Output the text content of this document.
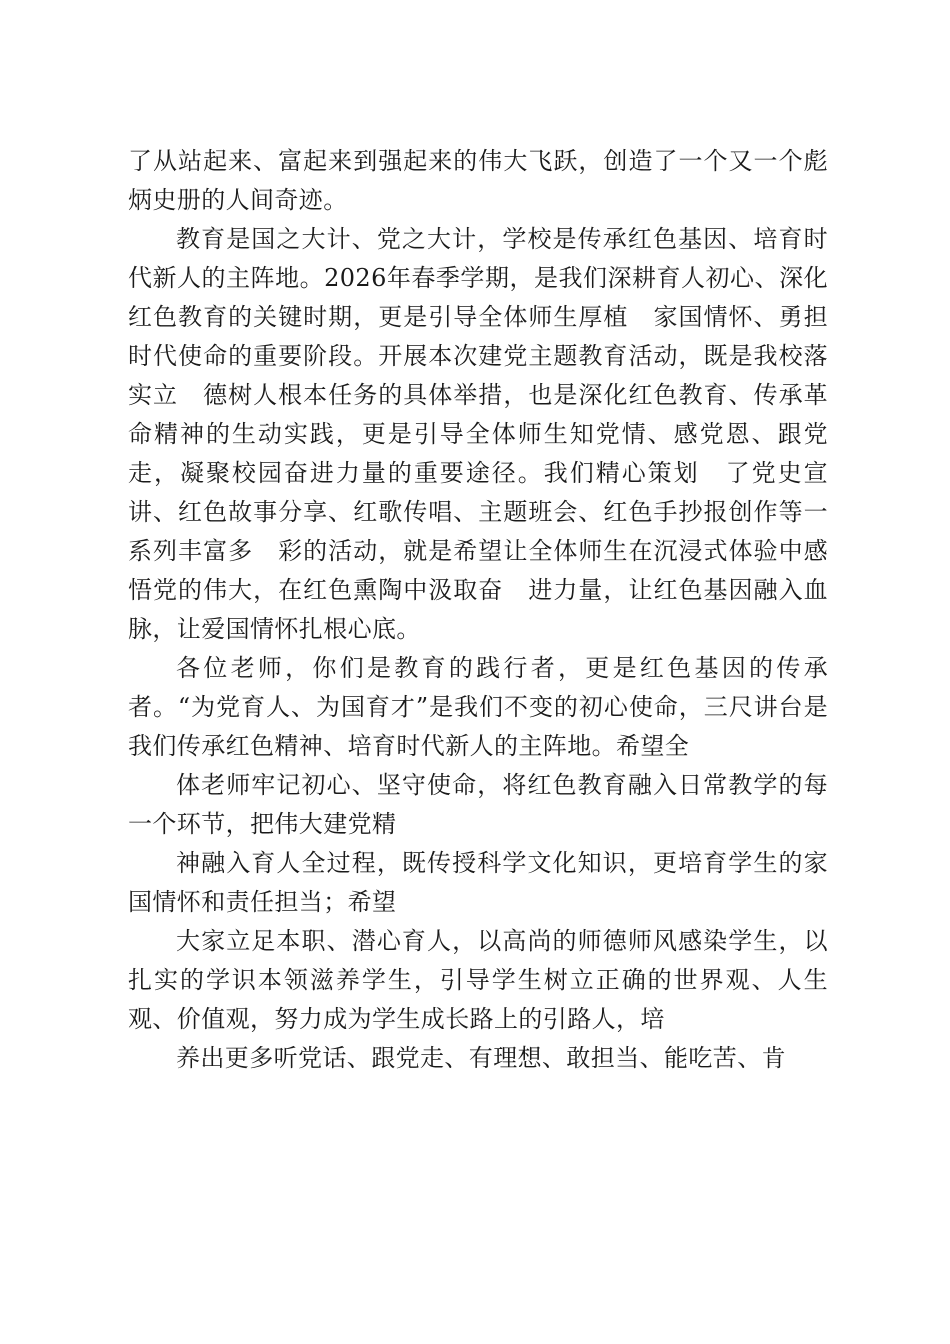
了从站起来、富起来到强起来的伟大飞跃，创造了一个又一个彪炳史册的人间奇迹。

教育是国之大计、党之大计，学校是传承红色基因、培育时代新人的主阵地。2026年春季学期，是我们深耕育人初心、深化红色教育的关键时期，更是引导全体师生厚植　家国情怀、勇担时代使命的重要阶段。开展本次建党主题教育活动，既是我校落实立　德树人根本任务的具体举措，也是深化红色教育、传承革命精神的生动实践，更是引导全体师生知党情、感党恩、跟党走，凝聚校园奋进力量的重要途径。我们精心策划　了党史宣讲、红色故事分享、红歌传唱、主题班会、红色手抄报创作等一系列丰富多　彩的活动，就是希望让全体师生在沉浸式体验中感悟党的伟大，在红色熏陶中汲取奋　进力量，让红色基因融入血脉，让爱国情怀扎根心底。

各位老师，你们是教育的践行者，更是红色基因的传承者。“为党育人、为国育才”是我们不变的初心使命，三尺讲台是我们传承红色精神、培育时代新人的主阵地。希望全

体老师牢记初心、坚守使命，将红色教育融入日常教学的每一个环节，把伟大建党精

神融入育人全过程，既传授科学文化知识，更培育学生的家国情怀和责任担当；希望

大家立足本职、潜心育人，以高尚的师德师风感染学生，以扎实的学识本领滋养学生，引导学生树立正确的世界观、人生观、价值观，努力成为学生成长路上的引路人，培

养出更多听党话、跟党走、有理想、敢担当、能吃苦、肯
